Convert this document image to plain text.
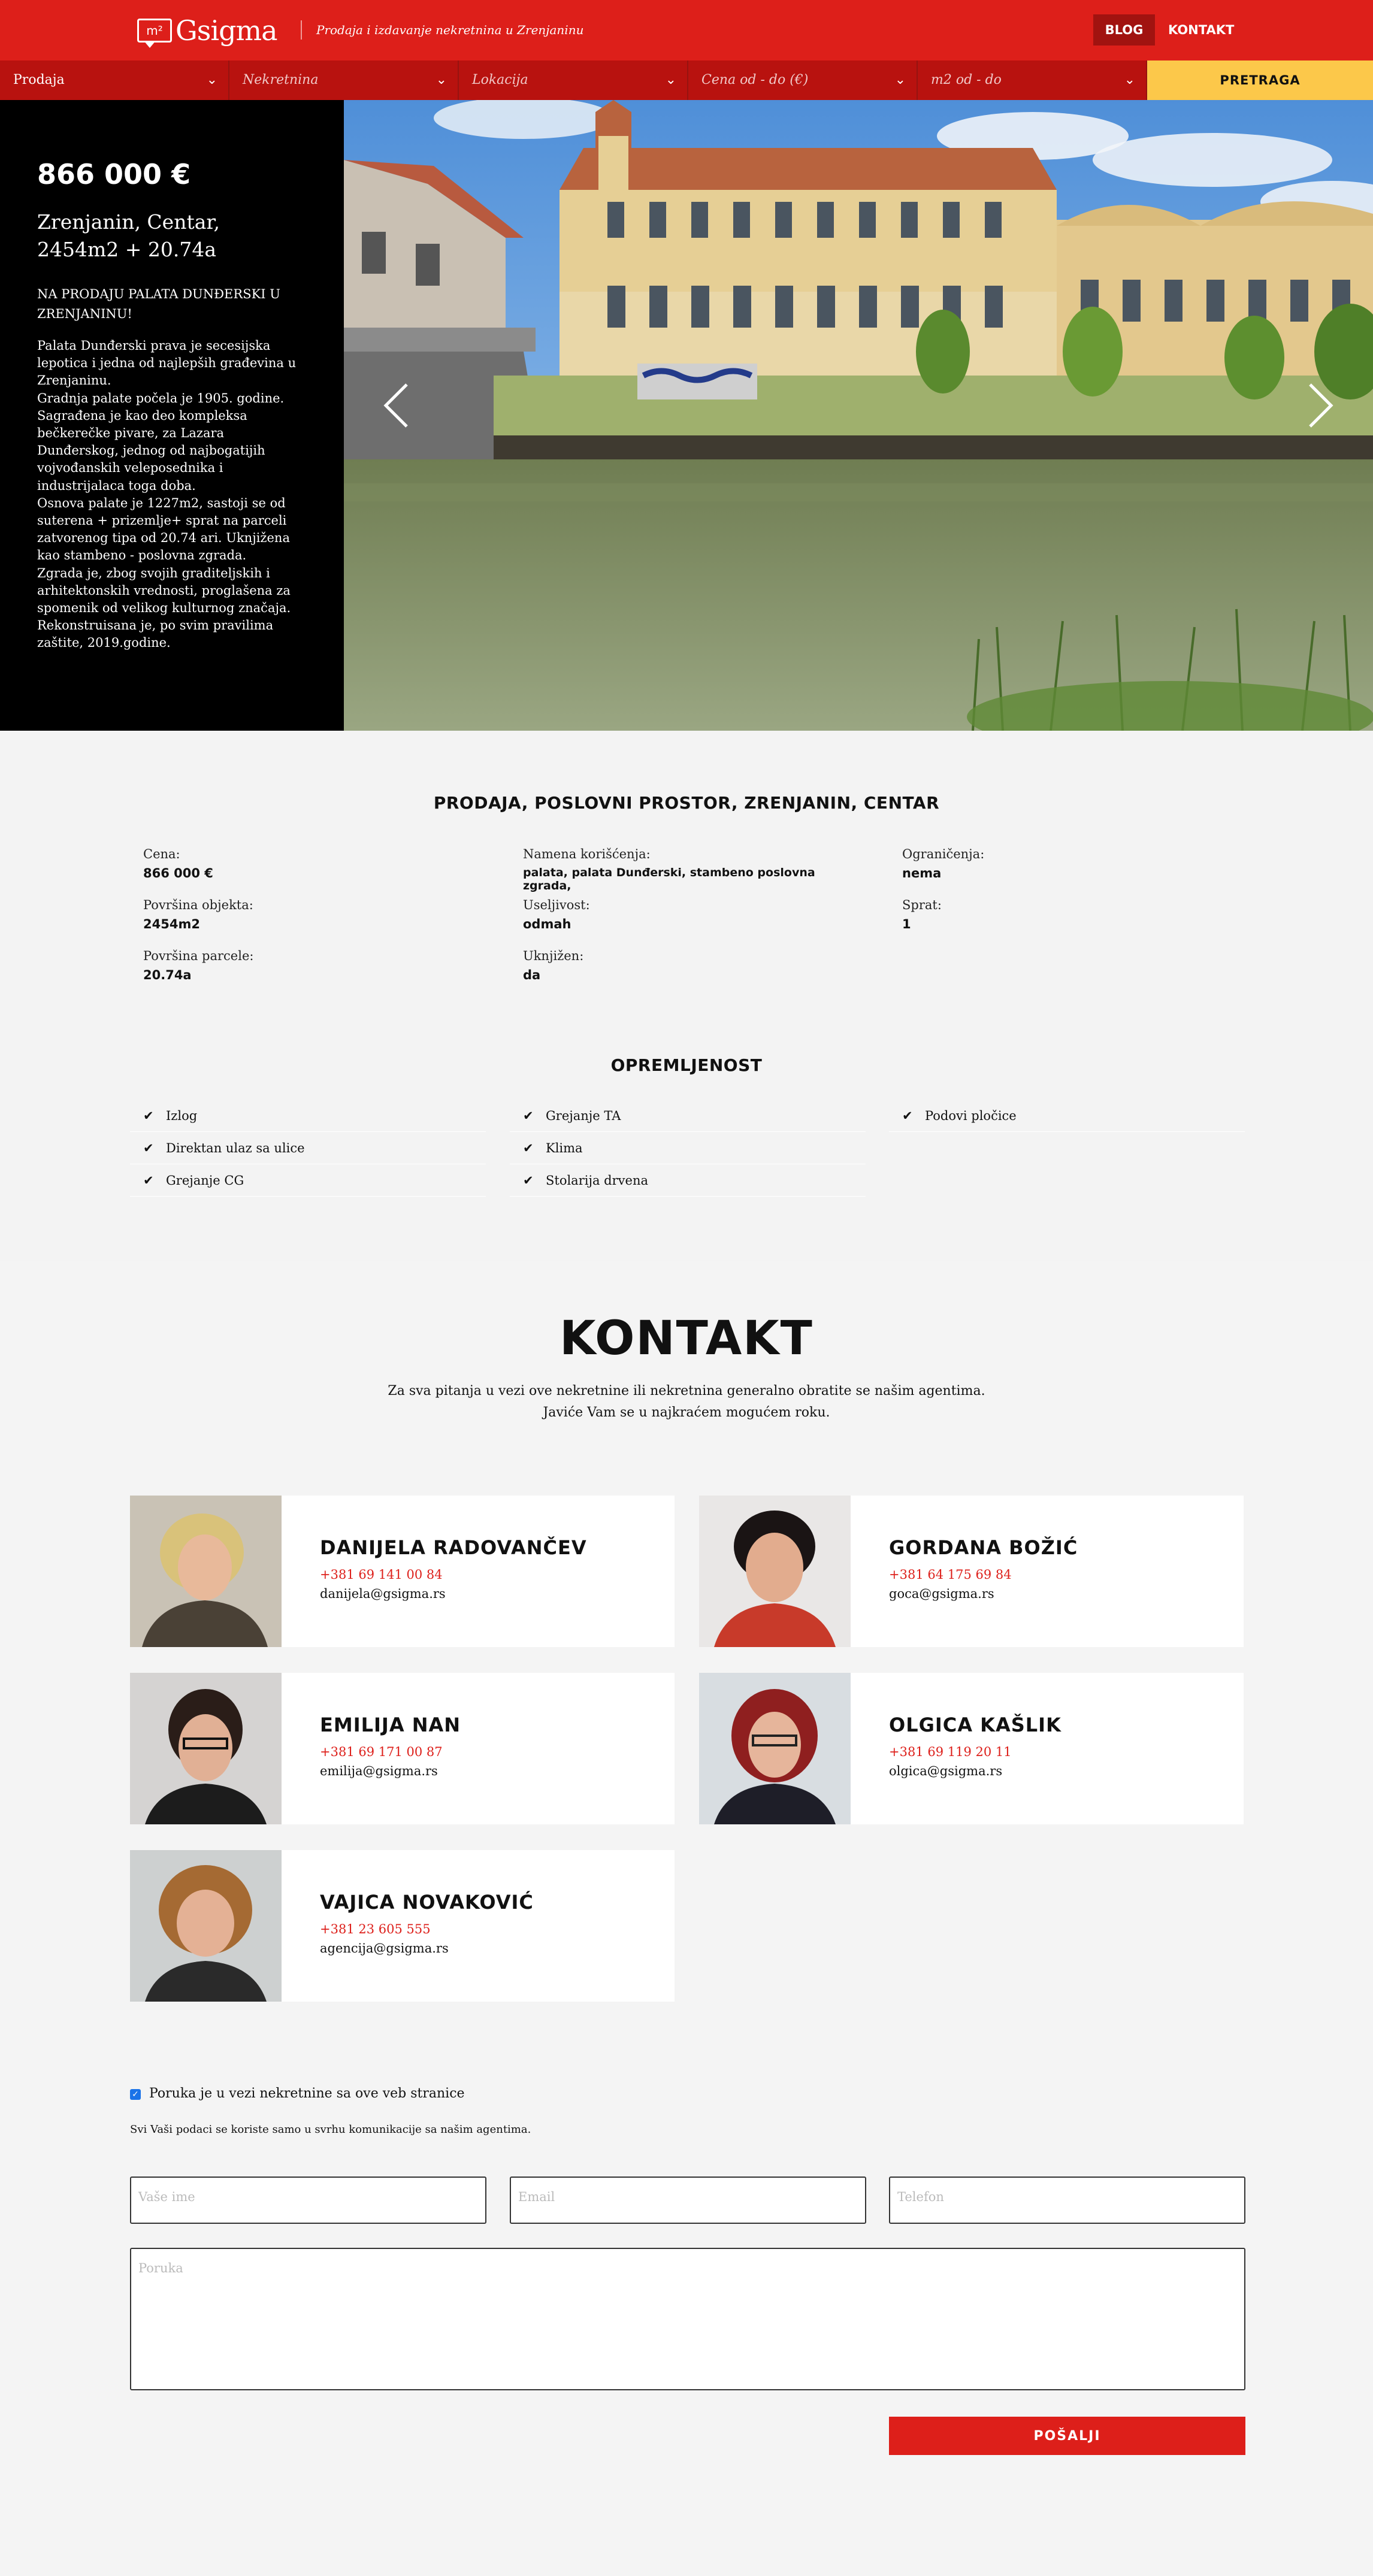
m² Gsigma	Prodaja i izdavanje nekretnina u Zrenjaninu	BLOG	KONTAKT
Prodaja	⌄	Nekretnina	⌄	Lokacija	⌄	Cena od - do (€)	⌄	m2 od - do	⌄	PRETRAGA
866 000 €
Zrenjanin, Centar, 2454m2 + 20.74a
NA PRODAJU PALATA DUNĐERSKI U ZRENJANINU!
Palata Dunđerski prava je secesijska lepotica i jedna od najlepših građevina u Zrenjaninu.
Gradnja palate počela je 1905. godine. Sagrađena je kao deo kompleksa bečkerečke pivare, za Lazara Dunđerskog, jednog od najbogatijih vojvođanskih veleposednika i industrijalaca toga doba.
Osnova palate je 1227m2, sastoji se od suterena + prizemlje+ sprat na parceli zatvorenog tipa od 20.74 ari. Uknjižena kao stambeno - poslovna zgrada.
Zgrada je, zbog svojih graditeljskih i arhitektonskih vrednosti, proglašena za spomenik od velikog kulturnog značaja. Rekonstruisana je, po svim pravilima zaštite, 2019.godine.
PRODAJA, POSLOVNI PROSTOR, ZRENJANIN, CENTAR
Cena:
866 000 €
Površina objekta:
2454m2
Površina parcele:
20.74a
Namena korišćenja:
palata, palata Dunđerski, stambeno poslovna zgrada,
Useljivost:
odmah
Uknjižen:
da
Ograničenja:
nema
Sprat:
1
OPREMLJENOST
✔ Izlog
✔ Direktan ulaz sa ulice
✔ Grejanje CG
✔ Grejanje TA
✔ Klima
✔ Stolarija drvena
✔ Podovi pločice
KONTAKT
Za sva pitanja u vezi ove nekretnine ili nekretnina generalno obratite se našim agentima.
Javiće Vam se u najkraćem mogućem roku.
DANIJELA RADOVANČEV
+381 69 141 00 84
danijela@gsigma.rs
GORDANA BOŽIĆ
+381 64 175 69 84
goca@gsigma.rs
EMILIJA NAN
+381 69 171 00 87
emilija@gsigma.rs
OLGICA KAŠLIK
+381 69 119 20 11
olgica@gsigma.rs
VAJICA NOVAKOVIĆ
+381 23 605 555
agencija@gsigma.rs
✓ Poruka je u vezi nekretnine sa ove veb stranice
Svi Vaši podaci se koriste samo u svrhu komunikacije sa našim agentima.
Vaše ime	Email	Telefon
Poruka
POŠALJI
